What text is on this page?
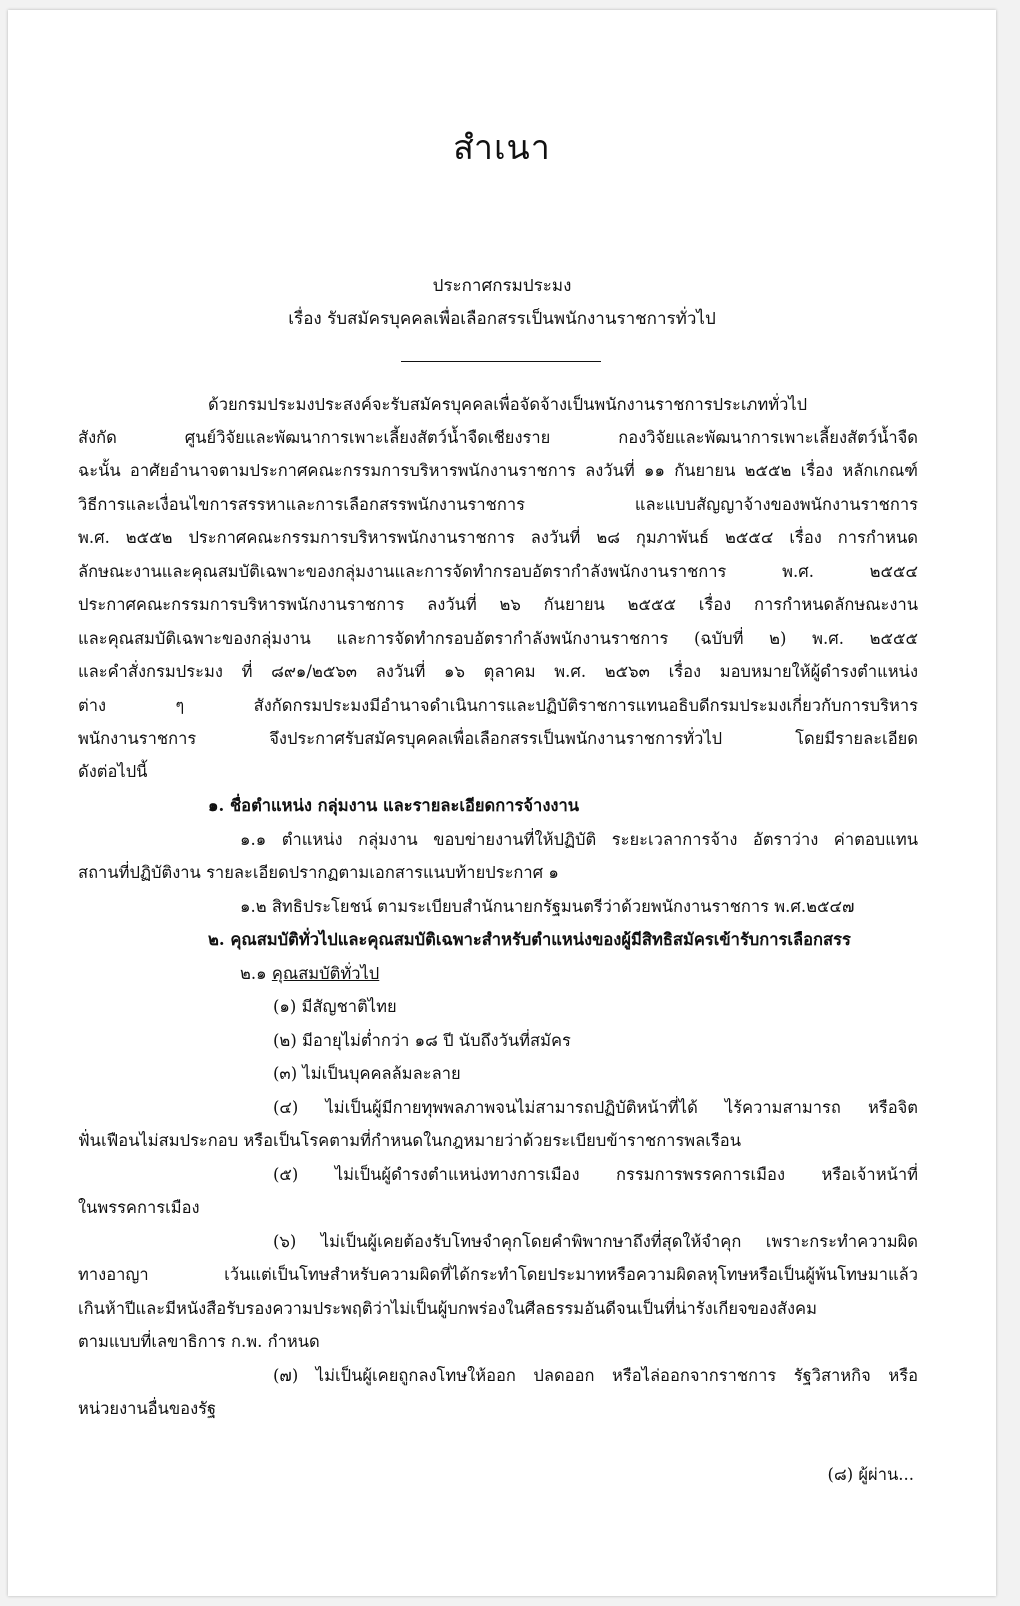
สำเนา
ประกาศกรมประมง
เรื่อง รับสมัครบุคคลเพื่อเลือกสรรเป็นพนักงานราชการทั่วไป
ด้วยกรมประมงประสงค์จะรับสมัครบุคคลเพื่อจัดจ้างเป็นพนักงานราชการประเภททั่วไป
สังกัด ศูนย์วิจัยและพัฒนาการเพาะเลี้ยงสัตว์น้ำจืดเชียงราย กองวิจัยและพัฒนาการเพาะเลี้ยงสัตว์น้ำจืด
ฉะนั้น อาศัยอำนาจตามประกาศคณะกรรมการบริหารพนักงานราชการ ลงวันที่ ๑๑ กันยายน ๒๕๕๒ เรื่อง หลักเกณฑ์
วิธีการและเงื่อนไขการสรรหาและการเลือกสรรพนักงานราชการ และแบบสัญญาจ้างของพนักงานราชการ
พ.ศ. ๒๕๕๒ ประกาศคณะกรรมการบริหารพนักงานราชการ ลงวันที่ ๒๘ กุมภาพันธ์ ๒๕๕๔ เรื่อง การกำหนด
ลักษณะงานและคุณสมบัติเฉพาะของกลุ่มงานและการจัดทำกรอบอัตรากำลังพนักงานราชการ พ.ศ. ๒๕๕๔
ประกาศคณะกรรมการบริหารพนักงานราชการ ลงวันที่ ๒๖ กันยายน ๒๕๕๕ เรื่อง การกำหนดลักษณะงาน
และคุณสมบัติเฉพาะของกลุ่มงาน และการจัดทำกรอบอัตรากำลังพนักงานราชการ (ฉบับที่ ๒) พ.ศ. ๒๕๕๕
และคำสั่งกรมประมง ที่ ๘๙๑/๒๕๖๓ ลงวันที่ ๑๖ ตุลาคม พ.ศ. ๒๕๖๓ เรื่อง มอบหมายให้ผู้ดำรงตำแหน่ง
ต่าง ๆ สังกัดกรมประมงมีอำนาจดำเนินการและปฏิบัติราชการแทนอธิบดีกรมประมงเกี่ยวกับการบริหาร
พนักงานราชการ จึงประกาศรับสมัครบุคคลเพื่อเลือกสรรเป็นพนักงานราชการทั่วไป โดยมีรายละเอียด
ดังต่อไปนี้
๑. ชื่อตำแหน่ง กลุ่มงาน และรายละเอียดการจ้างงาน
๑.๑ ตำแหน่ง กลุ่มงาน ขอบข่ายงานที่ให้ปฏิบัติ ระยะเวลาการจ้าง อัตราว่าง ค่าตอบแทน
สถานที่ปฏิบัติงาน รายละเอียดปรากฏตามเอกสารแนบท้ายประกาศ ๑
๑.๒ สิทธิประโยชน์ ตามระเบียบสำนักนายกรัฐมนตรีว่าด้วยพนักงานราชการ พ.ศ.๒๕๔๗
๒. คุณสมบัติทั่วไปและคุณสมบัติเฉพาะสำหรับตำแหน่งของผู้มีสิทธิสมัครเข้ารับการเลือกสรร
๒.๑ คุณสมบัติทั่วไป
(๑) มีสัญชาติไทย
(๒) มีอายุไม่ต่ำกว่า ๑๘ ปี นับถึงวันที่สมัคร
(๓) ไม่เป็นบุคคลล้มละลาย
(๔) ไม่เป็นผู้มีกายทุพพลภาพจนไม่สามารถปฏิบัติหน้าที่ได้ ไร้ความสามารถ หรือจิต
ฟั่นเฟือนไม่สมประกอบ หรือเป็นโรคตามที่กำหนดในกฎหมายว่าด้วยระเบียบข้าราชการพลเรือน
(๕) ไม่เป็นผู้ดำรงตำแหน่งทางการเมือง กรรมการพรรคการเมือง หรือเจ้าหน้าที่
ในพรรคการเมือง
(๖) ไม่เป็นผู้เคยต้องรับโทษจำคุกโดยคำพิพากษาถึงที่สุดให้จำคุก เพราะกระทำความผิด
ทางอาญา เว้นแต่เป็นโทษสำหรับความผิดที่ได้กระทำโดยประมาทหรือความผิดลหุโทษหรือเป็นผู้พ้นโทษมาแล้ว
เกินห้าปีและมีหนังสือรับรองความประพฤติว่าไม่เป็นผู้บกพร่องในศีลธรรมอันดีจนเป็นที่น่ารังเกียจของสังคม
ตามแบบที่เลขาธิการ ก.พ. กำหนด
(๗) ไม่เป็นผู้เคยถูกลงโทษให้ออก ปลดออก หรือไล่ออกจากราชการ รัฐวิสาหกิจ หรือ
หน่วยงานอื่นของรัฐ
(๘) ผู้ผ่าน...
